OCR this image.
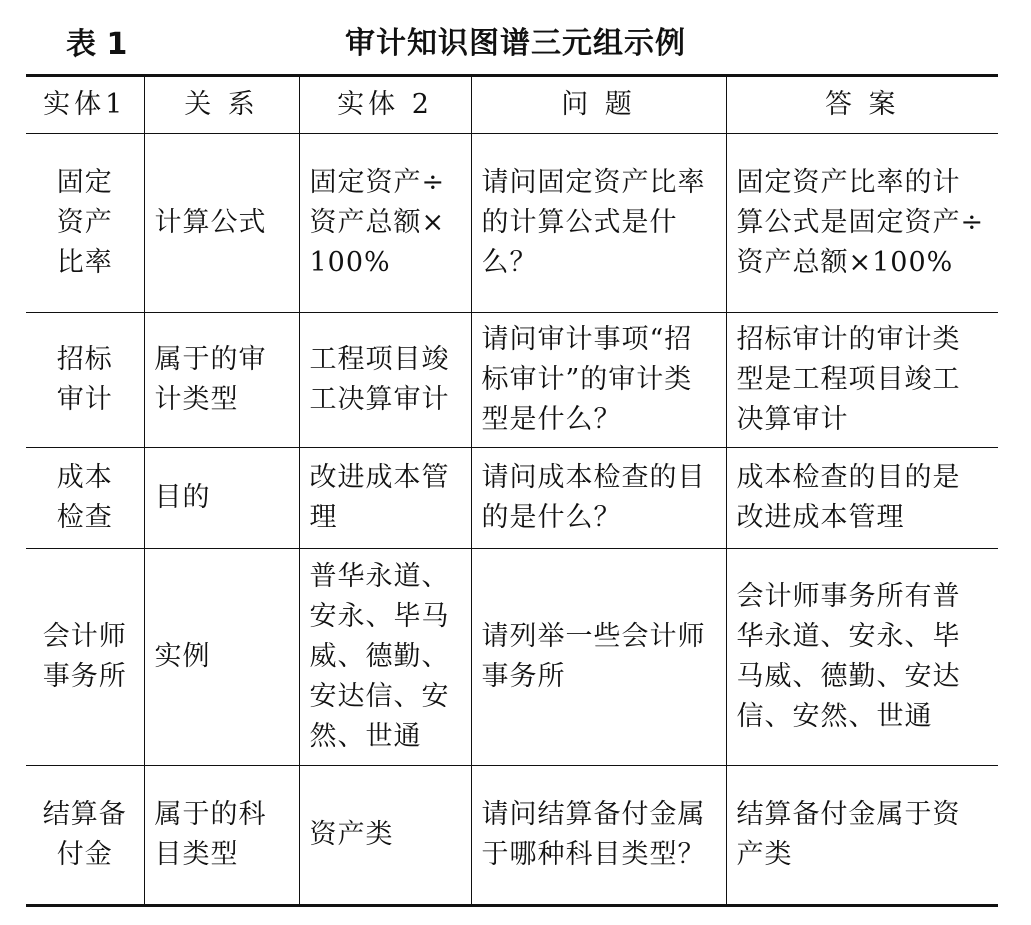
表 1	审计知识图谱三元组示例
实体1	关 系	实体 2	问 题	答 案

固定资产比率	计算公式	固定资产÷资产总额×100%	请问固定资产比率的计算公式是什么？	固定资产比率的计算公式是固定资产÷资产总额×100%

招标审计	属于的审计类型	工程项目竣工决算审计	请问审计事项“招标审计”的审计类型是什么？	招标审计的审计类型是工程项目竣工决算审计

成本检查	目的	改进成本管理	请问成本检查的目的是什么？	成本检查的目的是改进成本管理

会计师事务所	实例	普华永道、安永、毕马威、德勤、安达信、安然、世通	请列举一些会计师事务所	会计师事务所有普华永道、安永、毕马威、德勤、安达信、安然、世通

结算备付金	属于的科目类型	资产类	请问结算备付金属于哪种科目类型？	结算备付金属于资产类
